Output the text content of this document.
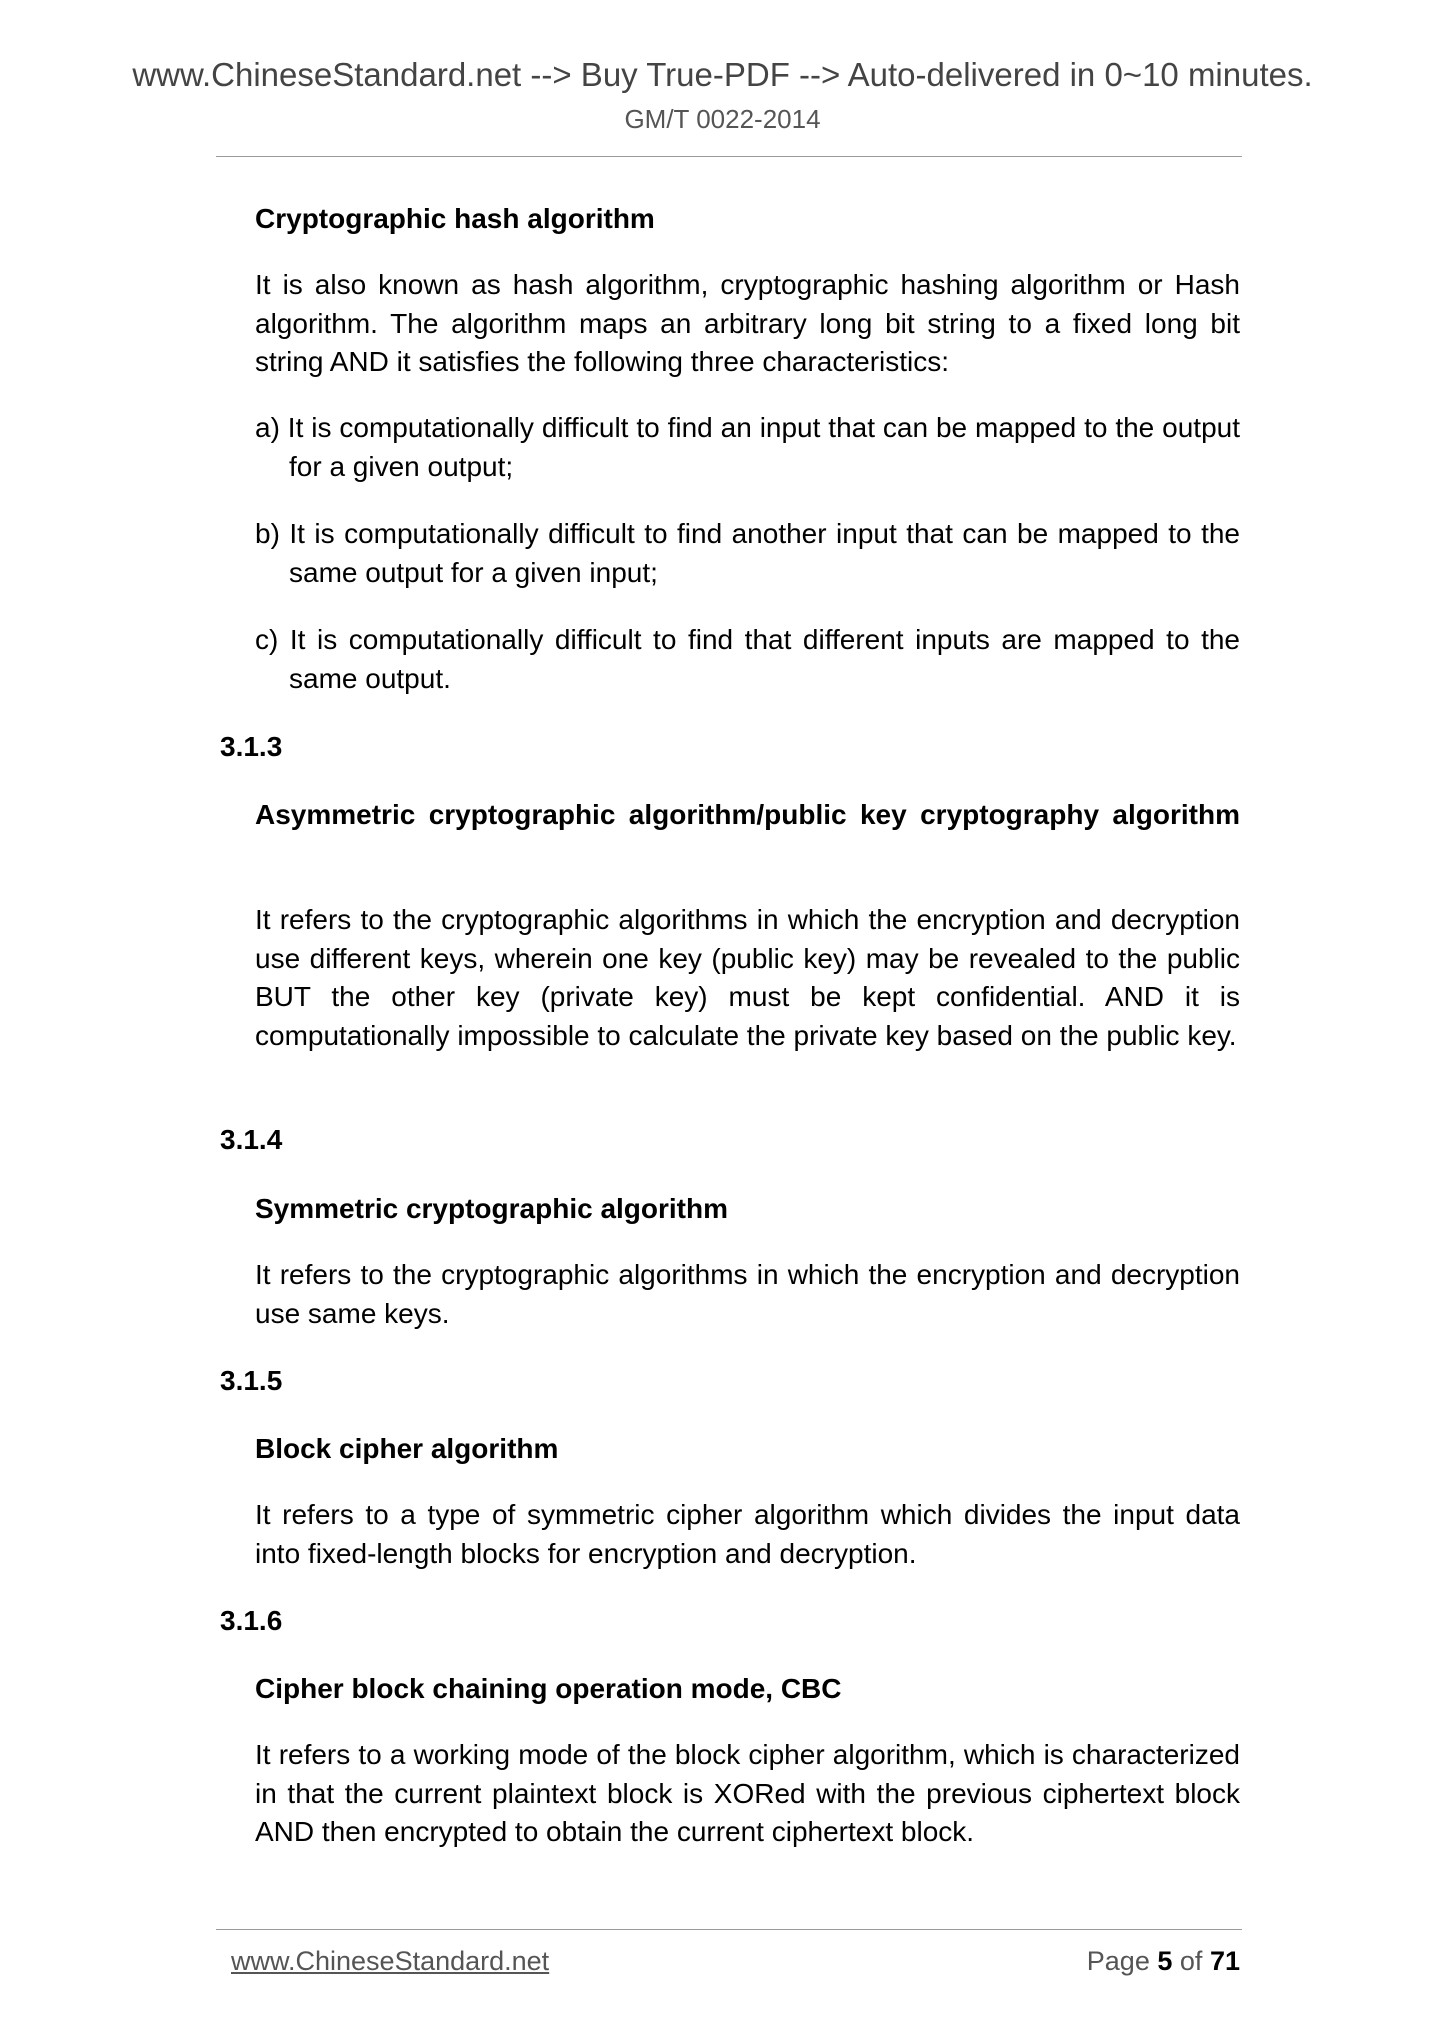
www.ChineseStandard.net --> Buy True-PDF --> Auto-delivered in 0~10 minutes.
GM/T 0022-2014
Cryptographic hash algorithm
It is also known as hash algorithm, cryptographic hashing algorithm or Hash algorithm. The algorithm maps an arbitrary long bit string to a fixed long bit string AND it satisfies the following three characteristics:
a) It is computationally difficult to find an input that can be mapped to the output for a given output;
b) It is computationally difficult to find another input that can be mapped to the same output for a given input;
c) It is computationally difficult to find that different inputs are mapped to the same output.
3.1.3
Asymmetric cryptographic algorithm/public key cryptography algorithm
It refers to the cryptographic algorithms in which the encryption and decryption use different keys, wherein one key (public key) may be revealed to the public BUT the other key (private key) must be kept confidential. AND it is computationally impossible to calculate the private key based on the public key.
3.1.4
Symmetric cryptographic algorithm
It refers to the cryptographic algorithms in which the encryption and decryption use same keys.
3.1.5
Block cipher algorithm
It refers to a type of symmetric cipher algorithm which divides the input data into fixed-length blocks for encryption and decryption.
3.1.6
Cipher block chaining operation mode, CBC
It refers to a working mode of the block cipher algorithm, which is characterized in that the current plaintext block is XORed with the previous ciphertext block AND then encrypted to obtain the current ciphertext block.
www.ChineseStandard.net	Page 5 of 71
